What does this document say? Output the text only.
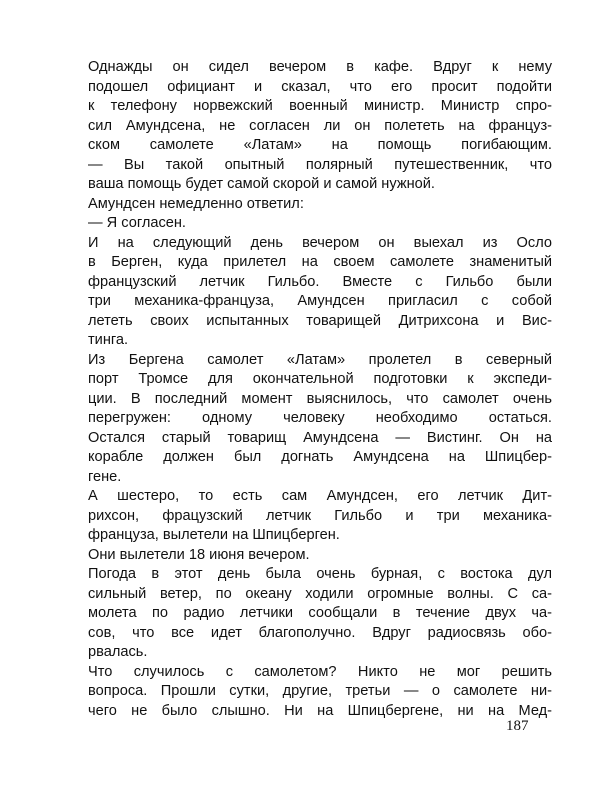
Однажды он сидел вечером в кафе. Вдруг к нему
подошел официант и сказал, что его просит подойти
к телефону норвежский военный министр. Министр спро-
сил Амундсена, не согласен ли он полететь на француз-
ском самолете «Латам» на помощь погибающим.
— Вы такой опытный полярный путешественник, что
ваша помощь будет самой скорой и самой нужной.
Амундсен немедленно ответил:
— Я согласен.
И на следующий день вечером он выехал из Осло
в Берген, куда прилетел на своем самолете знаменитый
французский летчик Гильбо. Вместе с Гильбо были
три механика-француза, Амундсен пригласил с собой
лететь своих испытанных товарищей Дитрихсона и Вис-
тинга.
Из Бергена самолет «Латам» пролетел в северный
порт Тромсе для окончательной подготовки к экспеди-
ции. В последний момент выяснилось, что самолет очень
перегружен: одному человеку необходимо остаться.
Остался старый товарищ Амундсена — Вистинг. Он на
корабле должен был догнать Амундсена на Шпицбер-
гене.
А шестеро, то есть сам Амундсен, его летчик Дит-
рихсон, фрацузский летчик Гильбо и три механика-
француза, вылетели на Шпицберген.
Они вылетели 18 июня вечером.
Погода в этот день была очень бурная, с востока дул
сильный ветер, по океану ходили огромные волны. С са-
молета по радио летчики сообщали в течение двух ча-
сов, что все идет благополучно. Вдруг радиосвязь обо-
рвалась.
Что случилось с самолетом? Никто не мог решить
вопроса. Прошли сутки, другие, третьи — о самолете ни-
чего не было слышно. Ни на Шпицбергене, ни на Мед-
187
